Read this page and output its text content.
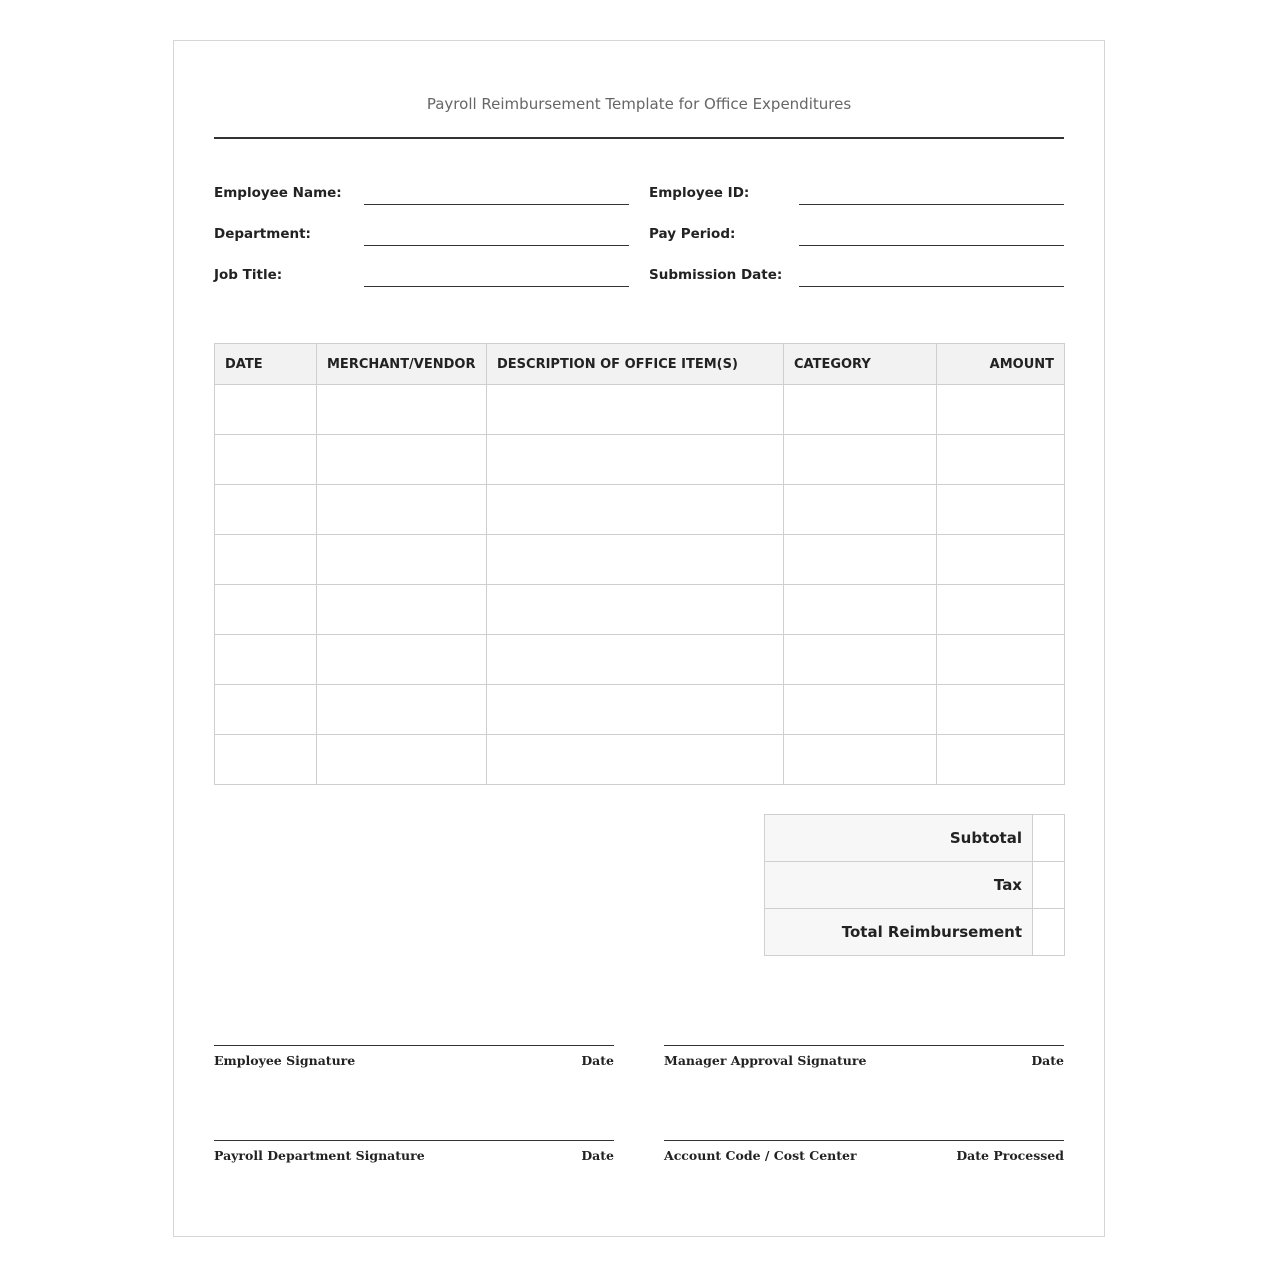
Payroll Reimbursement Template for Office Expenditures
Employee Name:	Employee ID:
Department:	Pay Period:
Job Title:	Submission Date:
DATE	MERCHANT/VENDOR	DESCRIPTION OF OFFICE ITEM(S)	CATEGORY	AMOUNT

Subtotal	
Tax	
Total Reimbursement	
Employee Signature	Date	Manager Approval Signature	Date
Payroll Department Signature	Date	Account Code / Cost Center	Date Processed
